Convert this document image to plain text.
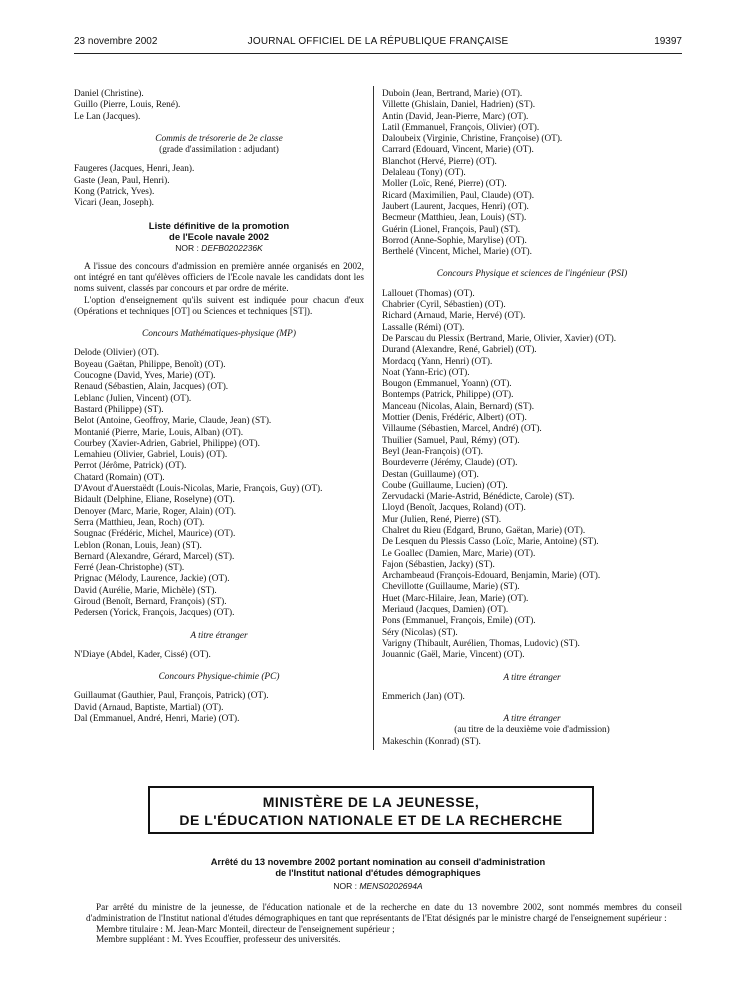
23 novembre 2002	JOURNAL OFFICIEL DE LA RÉPUBLIQUE FRANÇAISE	19397
Daniel (Christine).
Guillo (Pierre, Louis, René).
Le Lan (Jacques).
Commis de trésorerie de 2e classe
(grade d'assimilation : adjudant)
Faugeres (Jacques, Henri, Jean).
Gaste (Jean, Paul, Henri).
Kong (Patrick, Yves).
Vicari (Jean, Joseph).
Liste définitive de la promotion
de l'Ecole navale 2002
NOR : DEFB0202236K
A l'issue des concours d'admission en première année organisés en 2002, ont intégré en tant qu'élèves officiers de l'Ecole navale les candidats dont les noms suivent, classés par concours et par ordre de mérite.
L'option d'enseignement qu'ils suivent est indiquée pour chacun d'eux (Opérations et techniques [OT] ou Sciences et techniques [ST]).
Concours Mathématiques-physique (MP)
Delode (Olivier) (OT).
Boyeau (Gaëtan, Philippe, Benoît) (OT).
Coucogne (David, Yves, Marie) (OT).
Renaud (Sébastien, Alain, Jacques) (OT).
Leblanc (Julien, Vincent) (OT).
Bastard (Philippe) (ST).
Belot (Antoine, Geoffroy, Marie, Claude, Jean) (ST).
Montanié (Pierre, Marie, Louis, Alban) (OT).
Courbey (Xavier-Adrien, Gabriel, Philippe) (OT).
Lemahieu (Olivier, Gabriel, Louis) (OT).
Perrot (Jérôme, Patrick) (OT).
Chatard (Romain) (OT).
D'Avout d'Auerstaëdt (Louis-Nicolas, Marie, François, Guy) (OT).
Bidault (Delphine, Eliane, Roselyne) (OT).
Denoyer (Marc, Marie, Roger, Alain) (OT).
Serra (Matthieu, Jean, Roch) (OT).
Sougnac (Frédéric, Michel, Maurice) (OT).
Leblon (Ronan, Louis, Jean) (ST).
Bernard (Alexandre, Gérard, Marcel) (ST).
Ferré (Jean-Christophe) (ST).
Prignac (Mélody, Laurence, Jackie) (OT).
David (Aurélie, Marie, Michèle) (ST).
Giroud (Benoît, Bernard, François) (ST).
Pedersen (Yorick, François, Jacques) (OT).
A titre étranger
N'Diaye (Abdel, Kader, Cissé) (OT).
Concours Physique-chimie (PC)
Guillaumat (Gauthier, Paul, François, Patrick) (OT).
David (Arnaud, Baptiste, Martial) (OT).
Dal (Emmanuel, André, Henri, Marie) (OT).
Duboin (Jean, Bertrand, Marie) (OT).
Villette (Ghislain, Daniel, Hadrien) (ST).
Antin (David, Jean-Pierre, Marc) (OT).
Latil (Emmanuel, François, Olivier) (OT).
Daloubeix (Virginie, Christine, Françoise) (OT).
Carrard (Edouard, Vincent, Marie) (OT).
Blanchot (Hervé, Pierre) (OT).
Delaleau (Tony) (OT).
Moller (Loïc, René, Pierre) (OT).
Ricard (Maximilien, Paul, Claude) (OT).
Jaubert (Laurent, Jacques, Henri) (OT).
Becmeur (Matthieu, Jean, Louis) (ST).
Guérin (Lionel, François, Paul) (ST).
Borrod (Anne-Sophie, Marylise) (OT).
Berthelé (Vincent, Michel, Marie) (OT).
Concours Physique et sciences de l'ingénieur (PSI)
Lallouet (Thomas) (OT).
Chabrier (Cyril, Sébastien) (OT).
Richard (Arnaud, Marie, Hervé) (OT).
Lassalle (Rémi) (OT).
De Parscau du Plessix (Bertrand, Marie, Olivier, Xavier) (OT).
Durand (Alexandre, René, Gabriel) (OT).
Mordacq (Yann, Henri) (OT).
Noat (Yann-Eric) (OT).
Bougon (Emmanuel, Yoann) (OT).
Bontemps (Patrick, Philippe) (OT).
Manceau (Nicolas, Alain, Bernard) (ST).
Mottier (Denis, Frédéric, Albert) (OT).
Villaume (Sébastien, Marcel, André) (OT).
Thuilier (Samuel, Paul, Rémy) (OT).
Beyl (Jean-François) (OT).
Bourdeverre (Jérémy, Claude) (OT).
Destan (Guillaume) (OT).
Coube (Guillaume, Lucien) (OT).
Zervudacki (Marie-Astrid, Bénédicte, Carole) (ST).
Lloyd (Benoît, Jacques, Roland) (OT).
Mur (Julien, René, Pierre) (ST).
Chalret du Rieu (Edgard, Bruno, Gaëtan, Marie) (OT).
De Lesquen du Plessis Casso (Loïc, Marie, Antoine) (ST).
Le Goallec (Damien, Marc, Marie) (OT).
Fajon (Sébastien, Jacky) (ST).
Archambeaud (François-Edouard, Benjamin, Marie) (OT).
Chevillotte (Guillaume, Marie) (ST).
Huet (Marc-Hilaire, Jean, Marie) (OT).
Meriaud (Jacques, Damien) (OT).
Pons (Emmanuel, François, Emile) (OT).
Séry (Nicolas) (ST).
Varigny (Thibault, Aurélien, Thomas, Ludovic) (ST).
Jouannic (Gaël, Marie, Vincent) (OT).
A titre étranger
Emmerich (Jan) (OT).
A titre étranger
(au titre de la deuxième voie d'admission)
Makeschin (Konrad) (ST).
MINISTÈRE DE LA JEUNESSE,
DE L'ÉDUCATION NATIONALE ET DE LA RECHERCHE
Arrêté du 13 novembre 2002 portant nomination au conseil d'administration
de l'Institut national d'études démographiques
NOR : MENS0202694A
Par arrêté du ministre de la jeunesse, de l'éducation nationale et de la recherche en date du 13 novembre 2002, sont nommés membres du conseil d'administration de l'Institut national d'études démographiques en tant que représentants de l'Etat désignés par le ministre chargé de l'enseignement supérieur :
Membre titulaire : M. Jean-Marc Monteil, directeur de l'enseignement supérieur ;
Membre suppléant : M. Yves Ecouffier, professeur des universités.
